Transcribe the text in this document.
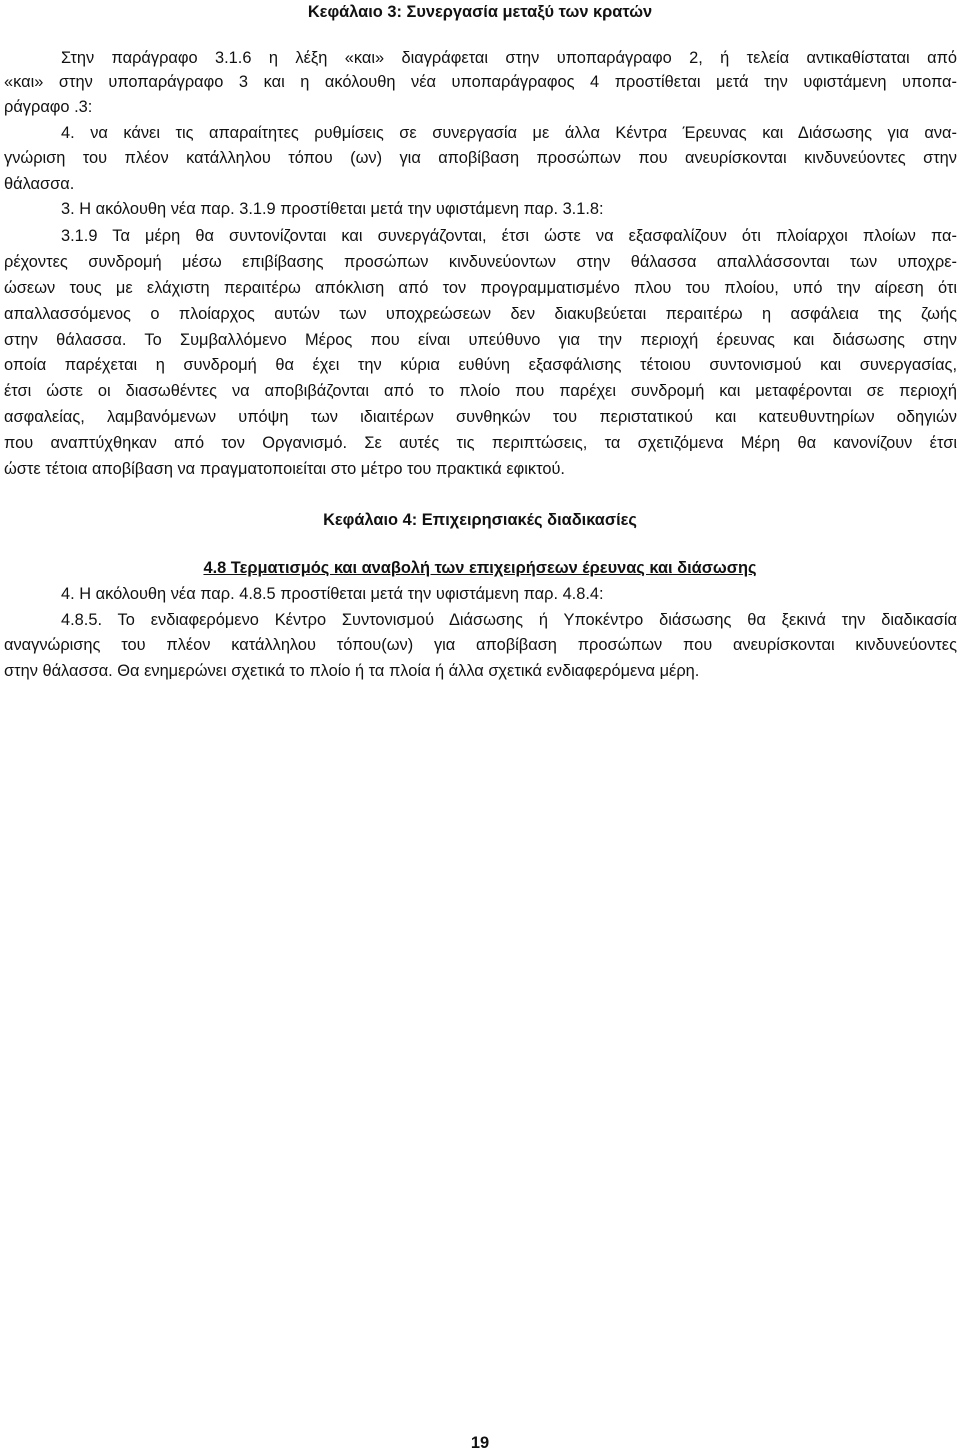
Κεφάλαιο 3: Συνεργασία μεταξύ των κρατών
Στην παράγραφο 3.1.6 η λέξη «και» διαγράφεται στην υποπαράγραφο 2, ή τελεία αντικαθίσταται από
«και» στην υποπαράγραφο 3 και η ακόλουθη νέα υποπαράγραφος 4 προστίθεται μετά την υφιστάμενη υποπα-
ράγραφο .3:
4. να κάνει τις απαραίτητες ρυθμίσεις σε συνεργασία με άλλα Κέντρα Έρευνας και Διάσωσης για ανα-
γνώριση του πλέον κατάλληλου τόπου (ων) για αποβίβαση προσώπων που ανευρίσκονται κινδυνεύοντες στην
θάλασσα.
3. Η ακόλουθη νέα παρ. 3.1.9 προστίθεται μετά την υφιστάμενη παρ. 3.1.8:
3.1.9 Τα μέρη θα συντονίζονται και συνεργάζονται, έτσι ώστε να εξασφαλίζουν ότι πλοίαρχοι πλοίων πα-
ρέχοντες συνδρομή μέσω επιβίβασης προσώπων κινδυνεύοντων στην θάλασσα απαλλάσσονται των υποχρε-
ώσεων τους με ελάχιστη περαιτέρω απόκλιση από τον προγραμματισμένο πλου του πλοίου, υπό την αίρεση ότι
απαλλασσόμενος ο πλοίαρχος αυτών των υποχρεώσεων δεν διακυβεύεται περαιτέρω η ασφάλεια της ζωής
στην θάλασσα. Το Συμβαλλόμενο Μέρος που είναι υπεύθυνο για την περιοχή έρευνας και διάσωσης στην
οποία παρέχεται η συνδρομή θα έχει την κύρια ευθύνη εξασφάλισης τέτοιου συντονισμού και συνεργασίας,
έτσι ώστε οι διασωθέντες να αποβιβάζονται από το πλοίο που παρέχει συνδρομή και μεταφέρονται σε περιοχή
ασφαλείας, λαμβανόμενων υπόψη των ιδιαιτέρων συνθηκών του περιστατικού και κατευθυντηρίων οδηγιών
που αναπτύχθηκαν από τον Οργανισμό. Σε αυτές τις περιπτώσεις, τα σχετιζόμενα Μέρη θα κανονίζουν έτσι
ώστε τέτοια αποβίβαση να πραγματοποιείται στο μέτρο του πρακτικά εφικτού.
Κεφάλαιο 4: Επιχειρησιακές διαδικασίες
4.8 Τερματισμός και αναβολή των επιχειρήσεων έρευνας και διάσωσης
4. Η ακόλουθη νέα παρ. 4.8.5 προστίθεται μετά την υφιστάμενη παρ. 4.8.4:
4.8.5. Το ενδιαφερόμενο Κέντρο Συντονισμού Διάσωσης ή Υποκέντρο διάσωσης θα ξεκινά την διαδικασία
αναγνώρισης του πλέον κατάλληλου τόπου(ων) για αποβίβαση προσώπων που ανευρίσκονται κινδυνεύοντες
στην θάλασσα. Θα ενημερώνει σχετικά το πλοίο ή τα πλοία ή άλλα σχετικά ενδιαφερόμενα μέρη.
19
